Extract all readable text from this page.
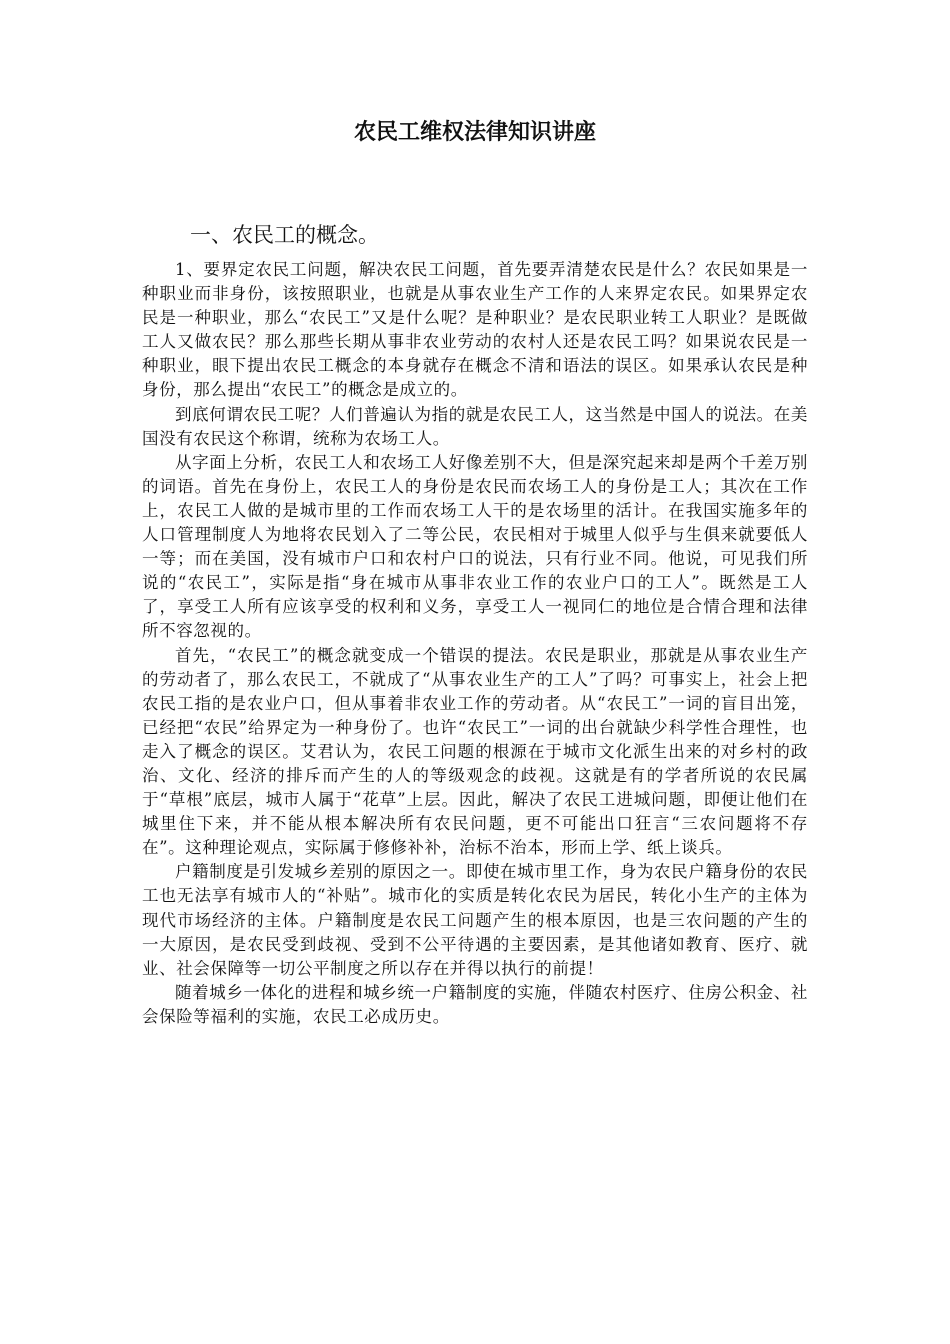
农民工维权法律知识讲座
一、农民工的概念。

1、要界定农民工问题，解决农民工问题，首先要弄清楚农民是什么？农民如果是一种职业而非身份，该按照职业，也就是从事农业生产工作的人来界定农民。如果界定农民是一种职业，那么“农民工”又是什么呢？是种职业？是农民职业转工人职业？是既做工人又做农民？那么那些长期从事非农业劳动的农村人还是农民工吗？如果说农民是一种职业，眼下提出农民工概念的本身就存在概念不清和语法的误区。如果承认农民是种身份，那么提出“农民工”的概念是成立的。

到底何谓农民工呢？人们普遍认为指的就是农民工人，这当然是中国人的说法。在美国没有农民这个称谓，统称为农场工人。

从字面上分析，农民工人和农场工人好像差别不大，但是深究起来却是两个千差万别的词语。首先在身份上，农民工人的身份是农民而农场工人的身份是工人；其次在工作上，农民工人做的是城市里的工作而农场工人干的是农场里的活计。在我国实施多年的人口管理制度人为地将农民划入了二等公民，农民相对于城里人似乎与生俱来就要低人一等；而在美国，没有城市户口和农村户口的说法，只有行业不同。他说，可见我们所说的“农民工”，实际是指“身在城市从事非农业工作的农业户口的工人”。既然是工人了，享受工人所有应该享受的权利和义务，享受工人一视同仁的地位是合情合理和法律所不容忽视的。

首先，“农民工”的概念就变成一个错误的提法。农民是职业，那就是从事农业生产的劳动者了，那么农民工，不就成了“从事农业生产的工人”了吗？可事实上，社会上把农民工指的是农业户口，但从事着非农业工作的劳动者。从“农民工”一词的盲目出笼，已经把“农民”给界定为一种身份了。也许“农民工”一词的出台就缺少科学性合理性，也走入了概念的误区。艾君认为，农民工问题的根源在于城市文化派生出来的对乡村的政治、文化、经济的排斥而产生的人的等级观念的歧视。这就是有的学者所说的农民属于“草根”底层，城市人属于“花草”上层。因此，解决了农民工进城问题，即便让他们在城里住下来，并不能从根本解决所有农民问题，更不可能出口狂言“三农问题将不存在”。这种理论观点，实际属于修修补补，治标不治本，形而上学、纸上谈兵。

户籍制度是引发城乡差别的原因之一。即使在城市里工作，身为农民户籍身份的农民工也无法享有城市人的“补贴”。城市化的实质是转化农民为居民，转化小生产的主体为现代市场经济的主体。户籍制度是农民工问题产生的根本原因，也是三农问题的产生的一大原因，是农民受到歧视、受到不公平待遇的主要因素，是其他诸如教育、医疗、就业、社会保障等一切公平制度之所以存在并得以执行的前提！

随着城乡一体化的进程和城乡统一户籍制度的实施，伴随农村医疗、住房公积金、社会保险等福利的实施，农民工必成历史。
